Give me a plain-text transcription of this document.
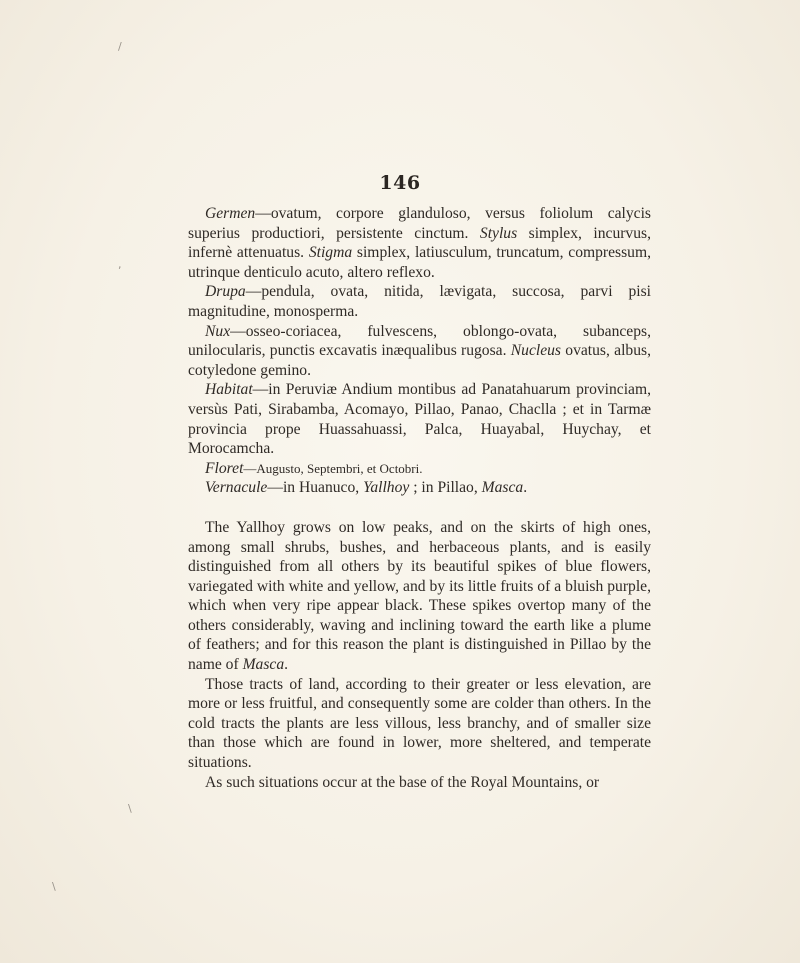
/
,
\
\
146

Germen—ovatum, corpore glanduloso, versus foliolum calycis superius productiori, persistente cinctum. Stylus simplex, incurvus, infernè attenuatus. Stigma simplex, latiusculum, truncatum, compressum, utrinque denticulo acuto, altero reflexo.

Drupa—pendula, ovata, nitida, lævigata, succosa, parvi pisi magnitudine, monosperma.

Nux—osseo-coriacea, fulvescens, oblongo-ovata, subanceps, unilocularis, punctis excavatis inæqualibus rugosa. Nucleus ovatus, albus, cotyledone gemino.

Habitat—in Peruviæ Andium montibus ad Panatahuarum provinciam, versùs Pati, Sirabamba, Acomayo, Pillao, Panao, Chaclla ; et in Tarmæ provincia prope Huassahuassi, Palca, Huayabal, Huychay, et Morocamcha.

Floret—Augusto, Septembri, et Octobri.

Vernacule—in Huanuco, Yallhoy ; in Pillao, Masca.

The Yallhoy grows on low peaks, and on the skirts of high ones, among small shrubs, bushes, and herbaceous plants, and is easily distinguished from all others by its beautiful spikes of blue flowers, variegated with white and yellow, and by its little fruits of a bluish purple, which when very ripe appear black. These spikes overtop many of the others considerably, waving and inclining toward the earth like a plume of feathers; and for this reason the plant is distinguished in Pillao by the name of Masca.

Those tracts of land, according to their greater or less elevation, are more or less fruitful, and consequently some are colder than others. In the cold tracts the plants are less villous, less branchy, and of smaller size than those which are found in lower, more sheltered, and temperate situations.

As such situations occur at the base of the Royal Mountains, or
